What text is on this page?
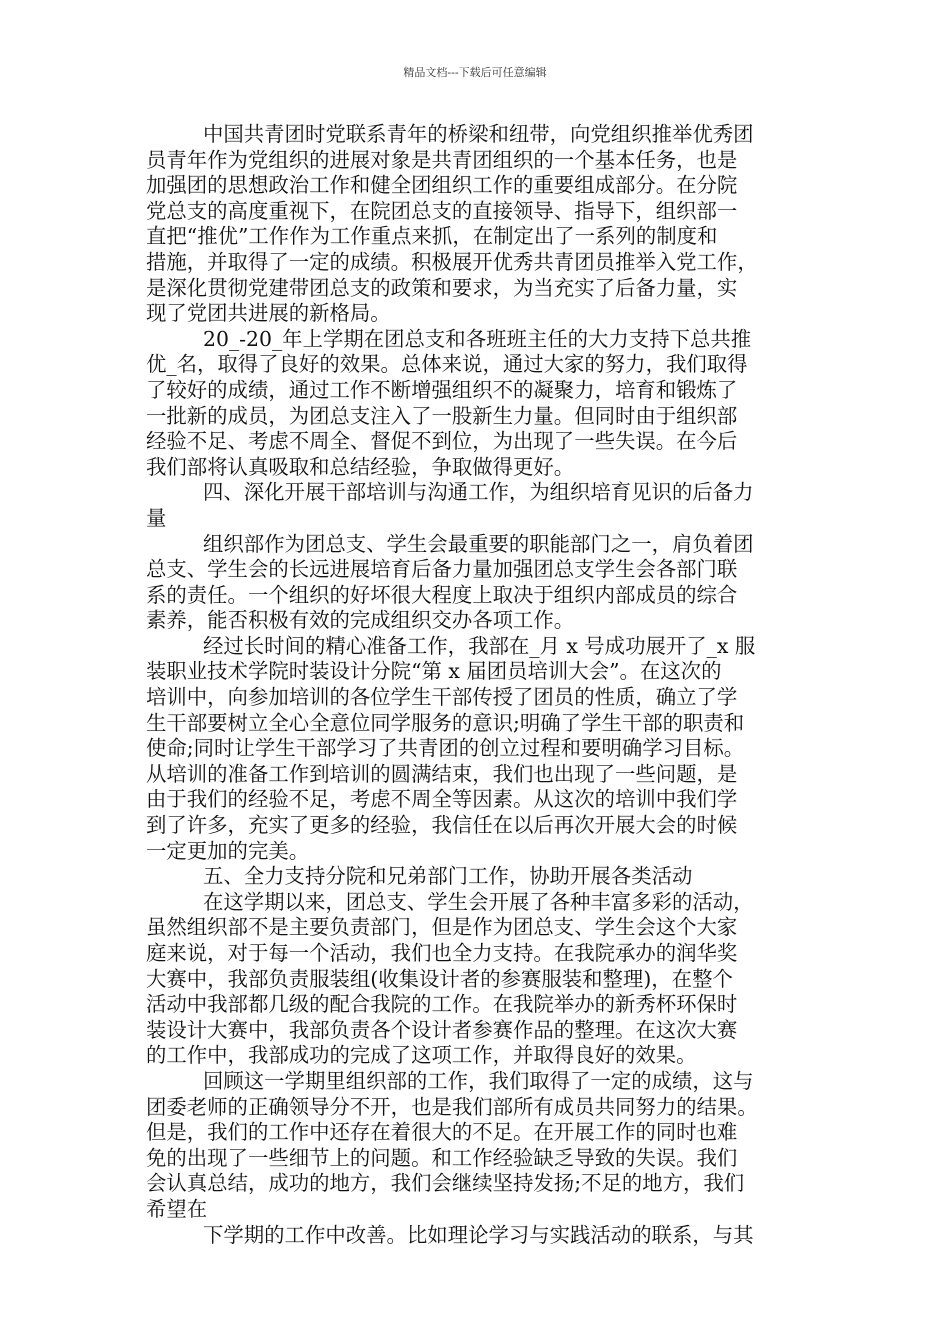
精品文档---下载后可任意编辑
中国共青团时党联系青年的桥梁和纽带，向党组织推举优秀团
员青年作为党组织的进展对象是共青团组织的一个基本任务，也是
加强团的思想政治工作和健全团组织工作的重要组成部分。在分院
党总支的高度重视下，在院团总支的直接领导、指导下，组织部一
直把“推优”工作作为工作重点来抓，在制定出了一系列的制度和
措施，并取得了一定的成绩。积极展开优秀共青团员推举入党工作，
是深化贯彻党建带团总支的政策和要求，为当充实了后备力量，实
现了党团共进展的新格局。
20_-20_年上学期在团总支和各班班主任的大力支持下总共推
优_名，取得了良好的效果。总体来说，通过大家的努力，我们取得
了较好的成绩，通过工作不断增强组织不的凝聚力，培育和锻炼了
一批新的成员，为团总支注入了一股新生力量。但同时由于组织部
经验不足、考虑不周全、督促不到位，为出现了一些失误。在今后
我们部将认真吸取和总结经验，争取做得更好。
四、深化开展干部培训与沟通工作，为组织培育见识的后备力
量
组织部作为团总支、学生会最重要的职能部门之一，肩负着团
总支、学生会的长远进展培育后备力量加强团总支学生会各部门联
系的责任。一个组织的好坏很大程度上取决于组织内部成员的综合
素养，能否积极有效的完成组织交办各项工作。
经过长时间的精心准备工作，我部在_月 x 号成功展开了_x 服
装职业技术学院时装设计分院“第 x 届团员培训大会”。在这次的
培训中，向参加培训的各位学生干部传授了团员的性质，确立了学
生干部要树立全心全意位同学服务的意识;明确了学生干部的职责和
使命;同时让学生干部学习了共青团的创立过程和要明确学习目标。
从培训的准备工作到培训的圆满结束，我们也出现了一些问题，是
由于我们的经验不足，考虑不周全等因素。从这次的培训中我们学
到了许多，充实了更多的经验，我信任在以后再次开展大会的时候
一定更加的完美。
五、全力支持分院和兄弟部门工作，协助开展各类活动
在这学期以来，团总支、学生会开展了各种丰富多彩的活动，
虽然组织部不是主要负责部门，但是作为团总支、学生会这个大家
庭来说，对于每一个活动，我们也全力支持。在我院承办的润华奖
大赛中，我部负责服装组(收集设计者的参赛服装和整理)，在整个
活动中我部都几级的配合我院的工作。在我院举办的新秀杯环保时
装设计大赛中，我部负责各个设计者参赛作品的整理。在这次大赛
的工作中，我部成功的完成了这项工作，并取得良好的效果。
回顾这一学期里组织部的工作，我们取得了一定的成绩，这与
团委老师的正确领导分不开，也是我们部所有成员共同努力的结果。
但是，我们的工作中还存在着很大的不足。在开展工作的同时也难
免的出现了一些细节上的问题。和工作经验缺乏导致的失误。我们
会认真总结，成功的地方，我们会继续坚持发扬;不足的地方，我们
希望在
下学期的工作中改善。比如理论学习与实践活动的联系，与其
